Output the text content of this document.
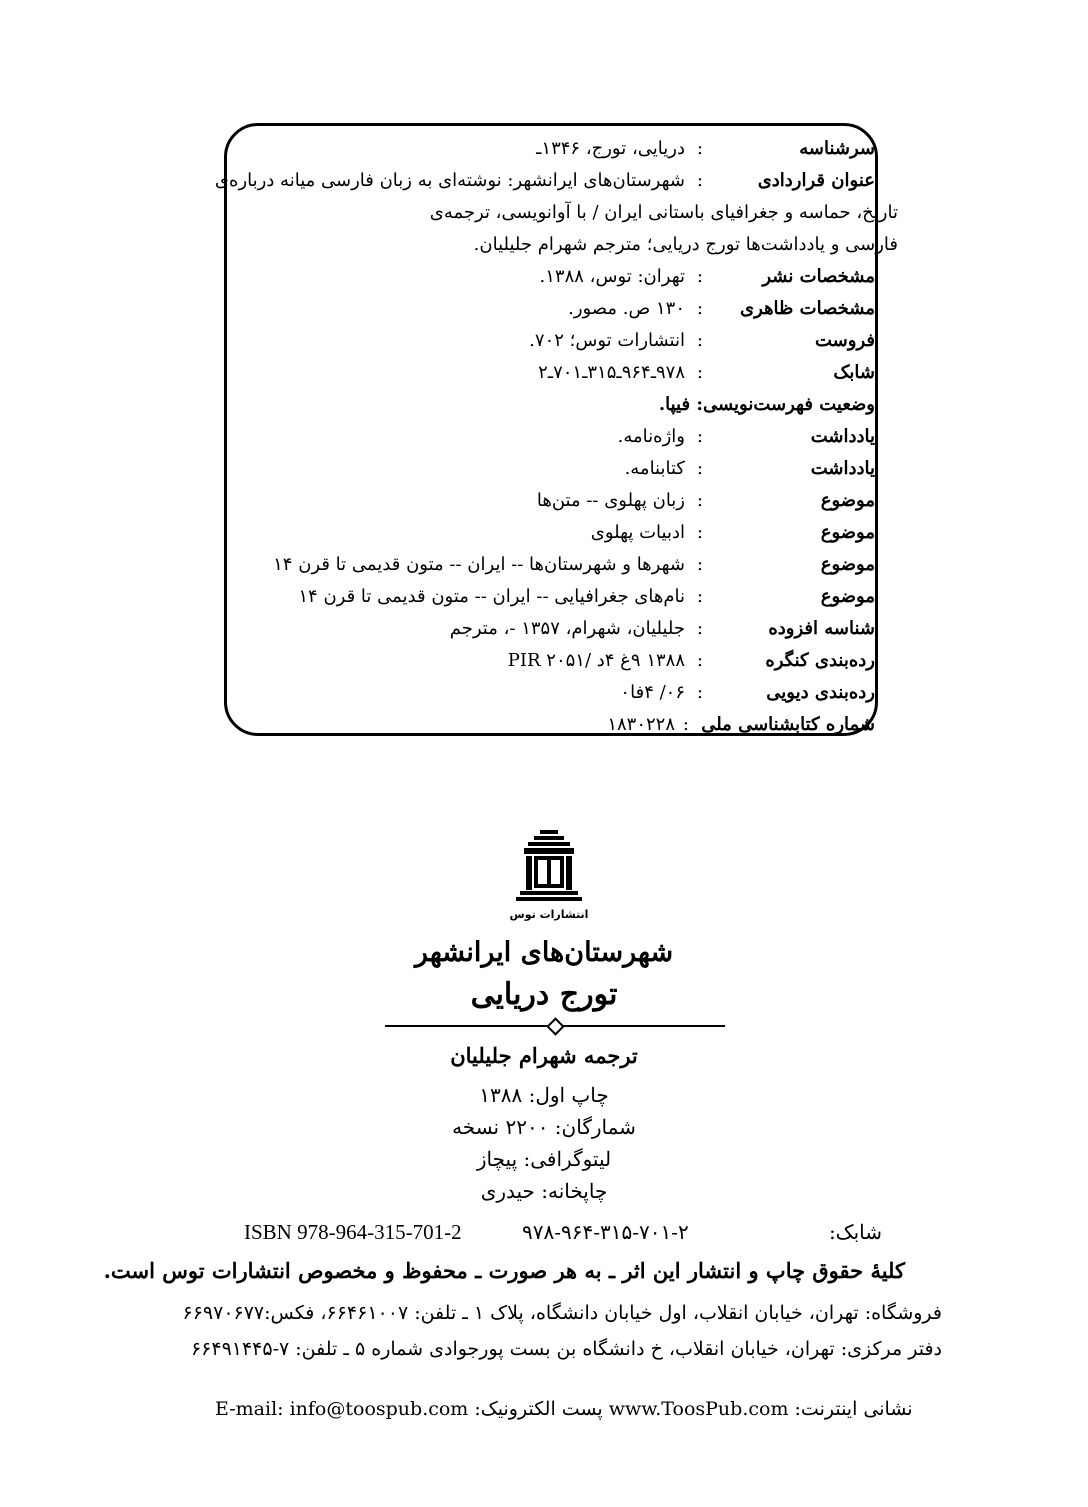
سرشناسه
:
دریایی، تورج، ۱۳۴۶ـ
عنوان قراردادی
:
شهرستان‌های ایرانشهر: نوشته‌ای به زبان فارسی میانه درباره‌ی
مشخصات نشر
:
تهران: توس، ۱۳۸۸.
مشخصات ظاهری
:
۱۳۰ ص. مصور.
فروست
:
انتشارات توس؛ ۷۰۲.
شابک
:
۹۷۸ـ۹۶۴ـ۳۱۵ـ۷۰۱ـ۲
یادداشت
:
واژه‌نامه.
یادداشت
:
کتابنامه.
موضوع
:
زبان پهلوی -- متن‌ها
موضوع
:
ادبیات پهلوی
موضوع
:
شهرها و شهرستان‌ها -- ایران -- متون قدیمی تا قرن ۱۴
موضوع
:
نام‌های جغرافیایی -- ایران -- متون قدیمی تا قرن ۱۴
شناسه افزوده
:
جلیلیان، شهرام، ۱۳۵۷ -، مترجم
رده‌بندی کنگره
:
۱۳۸۸ ۹غ ۴د /۲۰۵۱ PIR
رده‌بندی دیویی
:
۰۶/ ۴فا۰
شماره کتابشناسی ملی
:
۱۸۳۰۲۲۸
تاریخ، حماسه و جغرافیای باستانی ایران / با آوانویسی، ترجمه‌ی
فارسی و یادداشت‌ها تورج دریایی؛ مترجم شهرام جلیلیان.
وضعیت فهرست‌نویسی: فیپا.
انتشارات توس
شهرستان‌های ایرانشهر
تورج دریایی
ترجمه شهرام جلیلیان
چاپ اول: ۱۳۸۸
شمارگان: ۲۲۰۰ نسخه
لیتوگرافی: پیچاز
چاپخانه: حیدری
شابک:
۹۷۸-۹۶۴-۳۱۵-۷۰۱-۲
ISBN 978-964-315-701-2
کلیهٔ حقوق چاپ و انتشار این اثر ـ به هر صورت ـ محفوظ و مخصوص انتشارات توس است.
فروشگاه: تهران، خیابان انقلاب، اول خیابان دانشگاه، پلاک ۱ ـ تلفن: ۶۶۴۶۱۰۰۷، فکس:۶۶۹۷۰۶۷۷
دفتر مرکزی: تهران، خیابان انقلاب، خ دانشگاه بن بست پورجوادی شماره ۵ ـ تلفن: ۷-۶۶۴۹۱۴۴۵
نشانی اینترنت: www.ToosPub.com پست الکترونیک: E-mail: info@toospub.com
